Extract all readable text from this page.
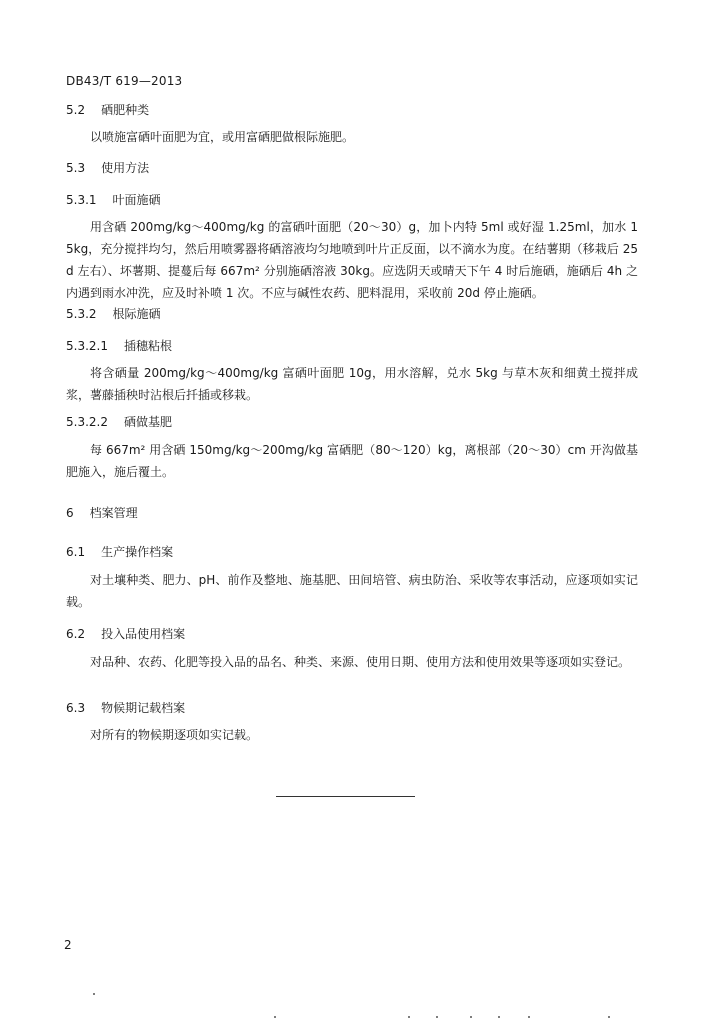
DB43/T 619—2013
5.2 硒肥种类
以喷施富硒叶面肥为宜，或用富硒肥做根际施肥。
5.3 使用方法
5.3.1 叶面施硒
用含硒 200mg/kg～400mg/kg 的富硒叶面肥（20～30）g，加卜内特 5ml 或好湿 1.25ml，加水 15kg，充分搅拌均匀，然后用喷雾器将硒溶液均匀地喷到叶片正反面，以不滴水为度。在结薯期（移栽后 25d 左右）、坏薯期、提蔓后每 667m² 分别施硒溶液 30kg。应选阴天或晴天下午 4 时后施硒，施硒后 4h 之内遇到雨水冲洗，应及时补喷 1 次。不应与碱性农药、肥料混用，采收前 20d 停止施硒。
5.3.2 根际施硒
5.3.2.1 插穗粘根
将含硒量 200mg/kg～400mg/kg 富硒叶面肥 10g，用水溶解，兑水 5kg 与草木灰和细黄土搅拌成浆，薯藤插秧时沾根后扦插或移栽。
5.3.2.2 硒做基肥
每 667m² 用含硒 150mg/kg～200mg/kg 富硒肥（80～120）kg，离根部（20～30）cm 开沟做基肥施入，施后覆土。
6 档案管理
6.1 生产操作档案
对土壤种类、肥力、pH、前作及整地、施基肥、田间培管、病虫防治、采收等农事活动，应逐项如实记载。
6.2 投入品使用档案
对品种、农药、化肥等投入品的品名、种类、来源、使用日期、使用方法和使用效果等逐项如实登记。
6.3 物候期记载档案
对所有的物候期逐项如实记载。
2
